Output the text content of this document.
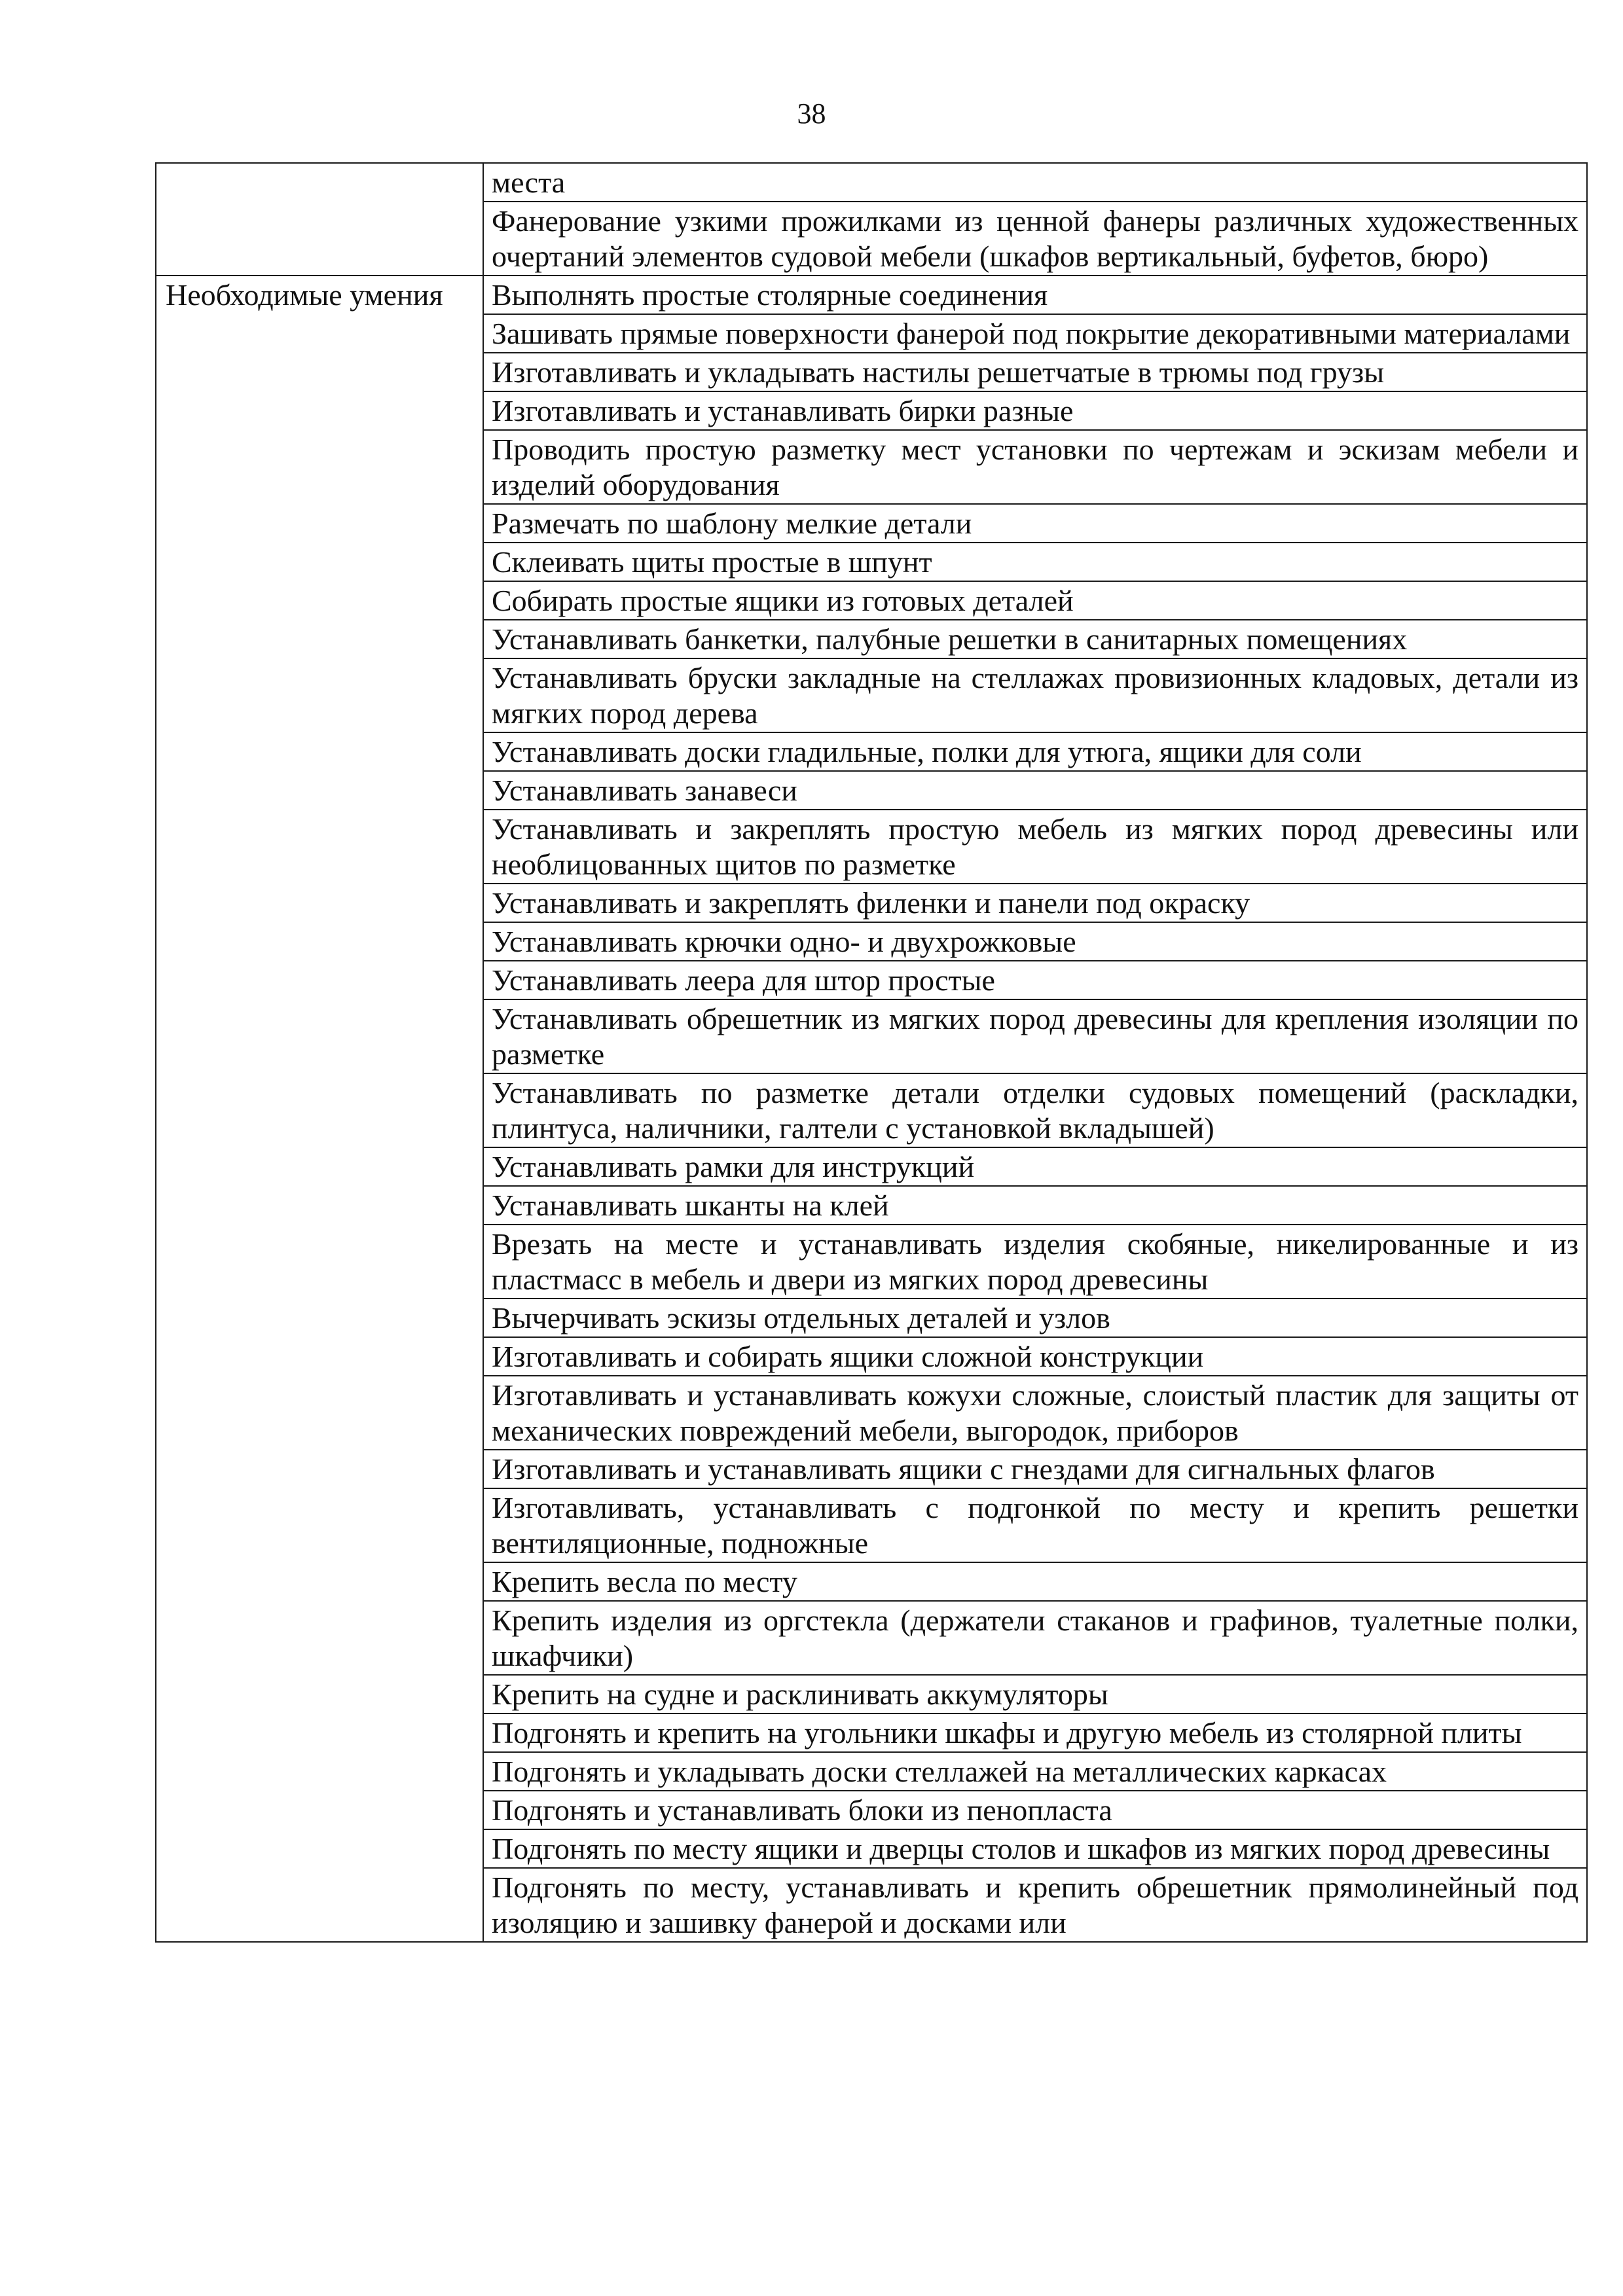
38
	места
	Фанерование узкими прожилками из ценной фанеры различных художественных очертаний элементов судовой мебели (шкафов вертикальный, буфетов, бюро)
Необходимые умения	Выполнять простые столярные соединения
	Зашивать прямые поверхности фанерой под покрытие декоративными материалами
	Изготавливать и укладывать настилы решетчатые в трюмы под грузы
	Изготавливать и устанавливать бирки разные
	Проводить простую разметку мест установки по чертежам и эскизам мебели и изделий оборудования
	Размечать по шаблону мелкие детали
	Склеивать щиты простые в шпунт
	Собирать простые ящики из готовых деталей
	Устанавливать банкетки, палубные решетки в санитарных помещениях
	Устанавливать бруски закладные на стеллажах провизионных кладовых, детали из мягких пород дерева
	Устанавливать доски гладильные, полки для утюга, ящики для соли
	Устанавливать занавеси
	Устанавливать и закреплять простую мебель из мягких пород древесины или необлицованных щитов по разметке
	Устанавливать и закреплять филенки и панели под окраску
	Устанавливать крючки одно- и двухрожковые
	Устанавливать леера для штор простые
	Устанавливать обрешетник из мягких пород древесины для крепления изоляции по разметке
	Устанавливать по разметке детали отделки судовых помещений (раскладки, плинтуса, наличники, галтели с установкой вкладышей)
	Устанавливать рамки для инструкций
	Устанавливать шканты на клей
	Врезать на месте и устанавливать изделия скобяные, никелированные и из пластмасс в мебель и двери из мягких пород древесины
	Вычерчивать эскизы отдельных деталей и узлов
	Изготавливать и собирать ящики сложной конструкции
	Изготавливать и устанавливать кожухи сложные, слоистый пластик для защиты от механических повреждений мебели, выгородок, приборов
	Изготавливать и устанавливать ящики с гнездами для сигнальных флагов
	Изготавливать, устанавливать с подгонкой по месту и крепить решетки вентиляционные, подножные
	Крепить весла по месту
	Крепить изделия из оргстекла (держатели стаканов и графинов, туалетные полки, шкафчики)
	Крепить на судне и расклинивать аккумуляторы
	Подгонять и крепить на угольники шкафы и другую мебель из столярной плиты
	Подгонять и укладывать доски стеллажей на металлических каркасах
	Подгонять и устанавливать блоки из пенопласта
	Подгонять по месту ящики и дверцы столов и шкафов из мягких пород древесины
	Подгонять по месту, устанавливать и крепить обрешетник прямолинейный под изоляцию и зашивку фанерой и досками или
